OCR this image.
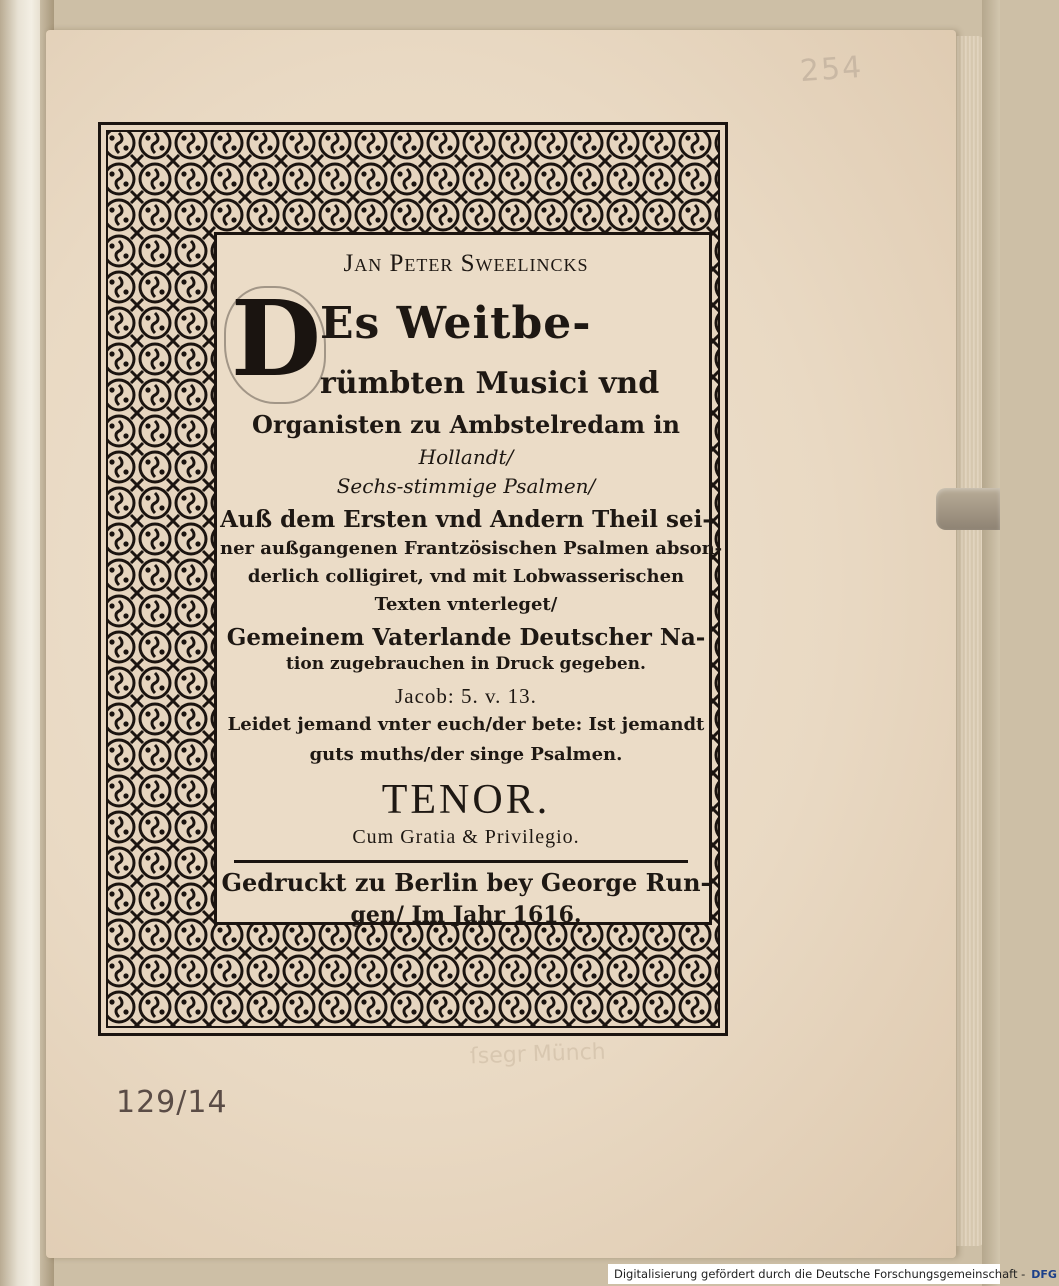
254
Jan Peter Sweelincks
D
Es Weitbe-
rümbten Musici vnd
Organisten zu Ambstelredam in
Hollandt/
Sechs-stimmige Psalmen/
Auß dem Ersten vnd Andern Theil sei-
ner außgangenen Frantzösischen Psalmen abson-
derlich colligiret, vnd mit Lobwasserischen
Texten vnterleget/
Gemeinem Vaterlande Deutscher Na-
tion zugebrauchen in Druck gegeben.
Jacob: 5. v. 13.
Leidet jemand vnter euch/der bete: Ist jemandt
guts muths/der singe Psalmen.
TENOR.
Cum Gratia & Privilegio.
Gedruckt zu Berlin bey George Run-
gen/ Im Jahr 1616.
ſsegr Münch
129/14
Digitalisierung gefördert durch die Deutsche Forschungsgemeinschaft - DFG
